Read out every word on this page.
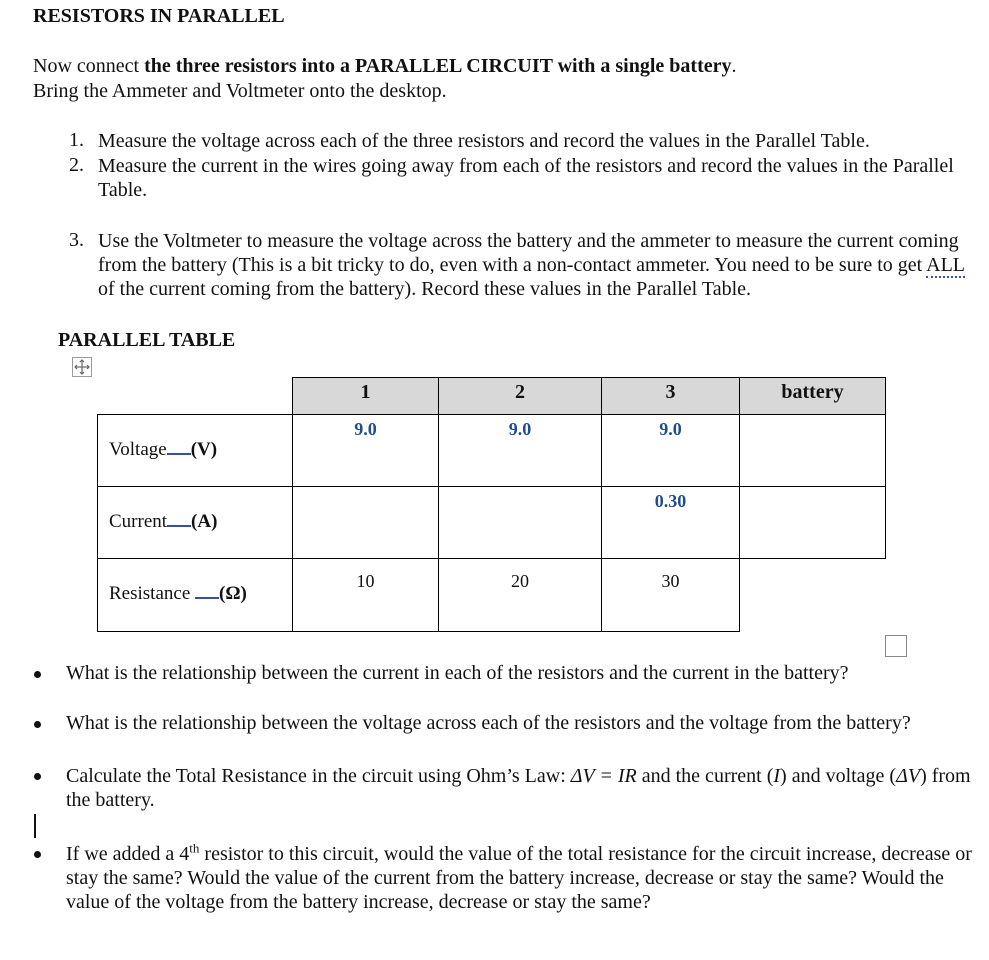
RESISTORS IN PARALLEL
Now connect the three resistors into a PARALLEL CIRCUIT with a single battery.
Bring the Ammeter and Voltmeter onto the desktop.
1. Measure the voltage across each of the three resistors and record the values in the Parallel Table.
2. Measure the current in the wires going away from each of the resistors and record the values in the Parallel Table.
3. Use the Voltmeter to measure the voltage across the battery and the ammeter to measure the current coming from the battery (This is a bit tricky to do, even with a non-contact ammeter. You need to be sure to get ALL of the current coming from the battery). Record these values in the Parallel Table.
PARALLEL TABLE

	1	2	3	battery

Voltage (V)	9.0	9.0	9.0	

Current (A)			0.30	

Resistance (Ω)	10	20	30	

What is the relationship between the current in each of the resistors and the current in the battery?
What is the relationship between the voltage across each of the resistors and the voltage from the battery?
Calculate the Total Resistance in the circuit using Ohm’s Law: ΔV = IR and the current (I) and voltage (ΔV) from the battery.
If we added a 4th resistor to this circuit, would the value of the total resistance for the circuit increase, decrease or stay the same? Would the value of the current from the battery increase, decrease or stay the same? Would the value of the voltage from the battery increase, decrease or stay the same?
